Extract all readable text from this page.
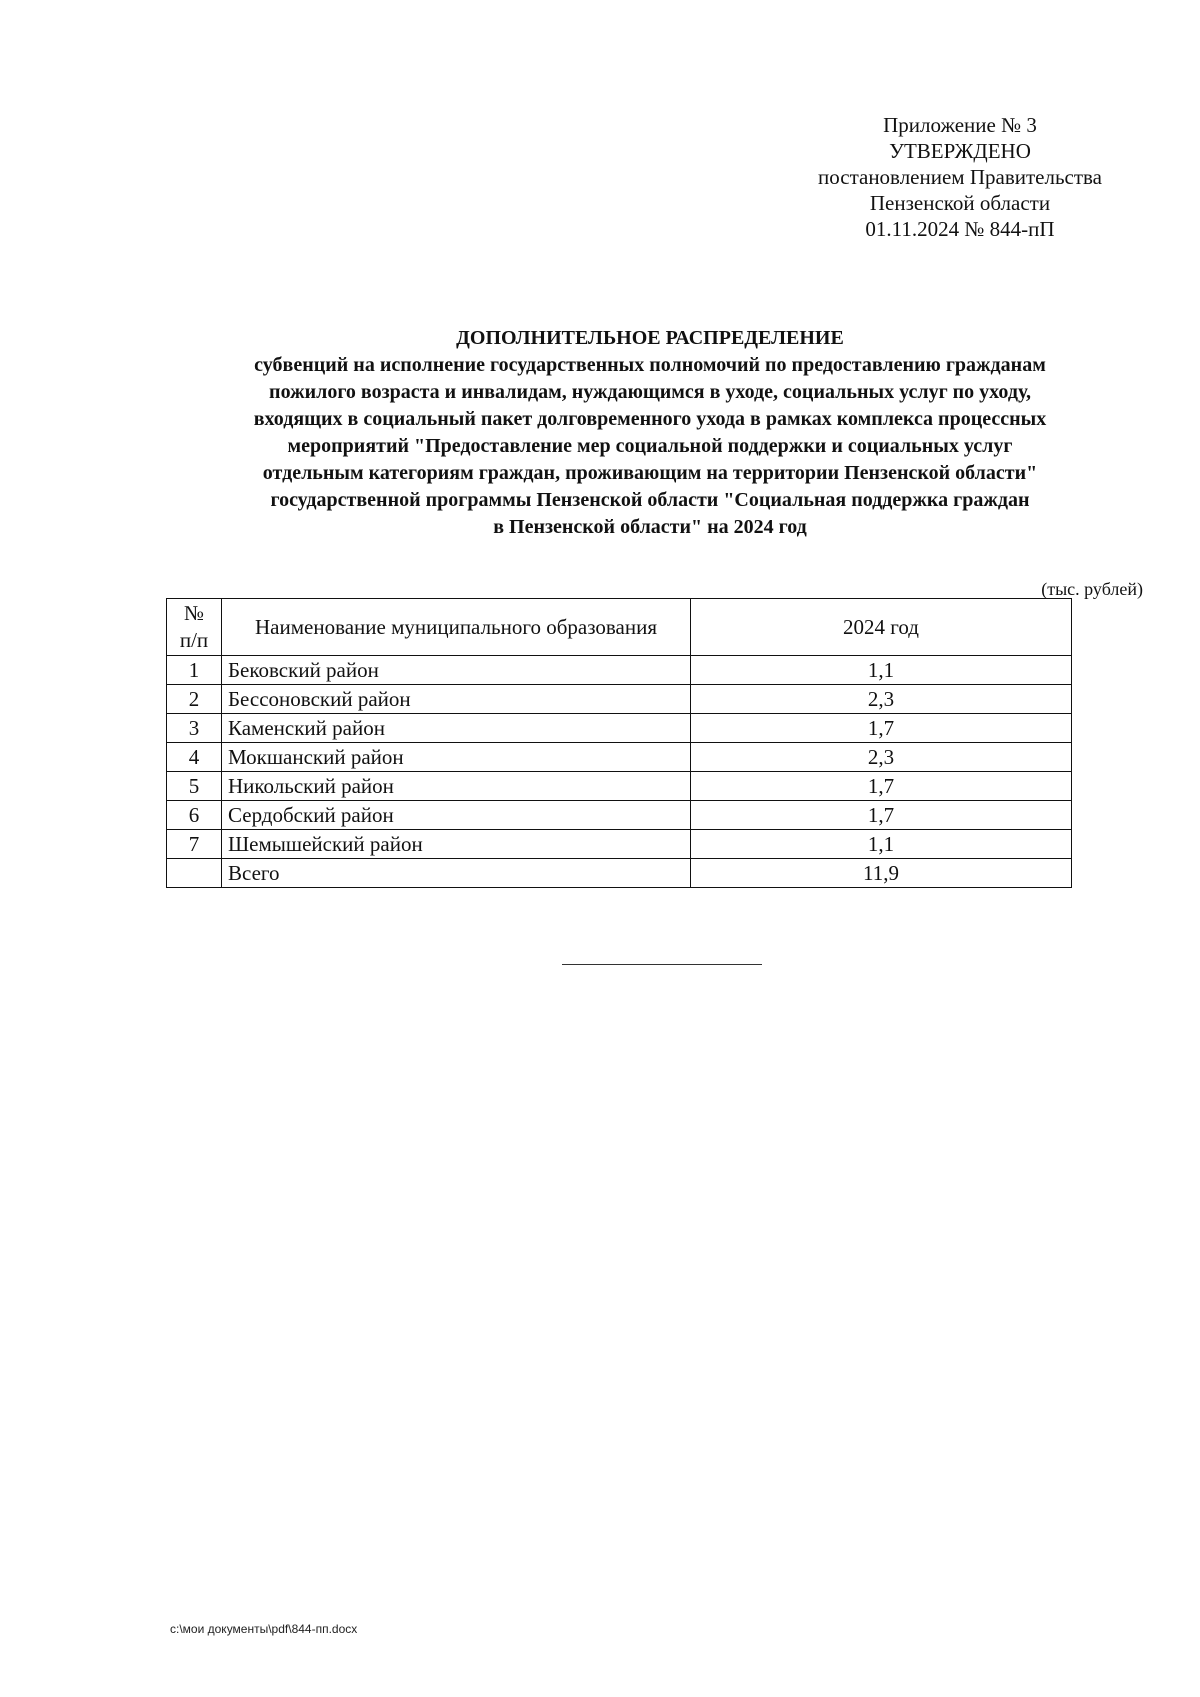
Приложение № 3
УТВЕРЖДЕНО
постановлением Правительства
Пензенской области
01.11.2024 № 844-пП
ДОПОЛНИТЕЛЬНОЕ РАСПРЕДЕЛЕНИЕ
субвенций на исполнение государственных полномочий по предоставлению гражданам
пожилого возраста и инвалидам, нуждающимся в уходе, социальных услуг по уходу,
входящих в социальный пакет долговременного ухода в рамках комплекса процессных
мероприятий "Предоставление мер социальной поддержки и социальных услуг
отдельным категориям граждан, проживающим на территории Пензенской области"
государственной программы Пензенской области "Социальная поддержка граждан
в Пензенской области" на 2024 год
(тыс. рублей)
№ п/п	Наименование муниципального образования	2024 год
1	Бековский район	1,1
2	Бессоновский район	2,3
3	Каменский район	1,7
4	Мокшанский район	2,3
5	Никольский район	1,7
6	Сердобский район	1,7
7	Шемышейский район	1,1
	Всего	11,9
c:\мои документы\pdf\844-пп.docx
